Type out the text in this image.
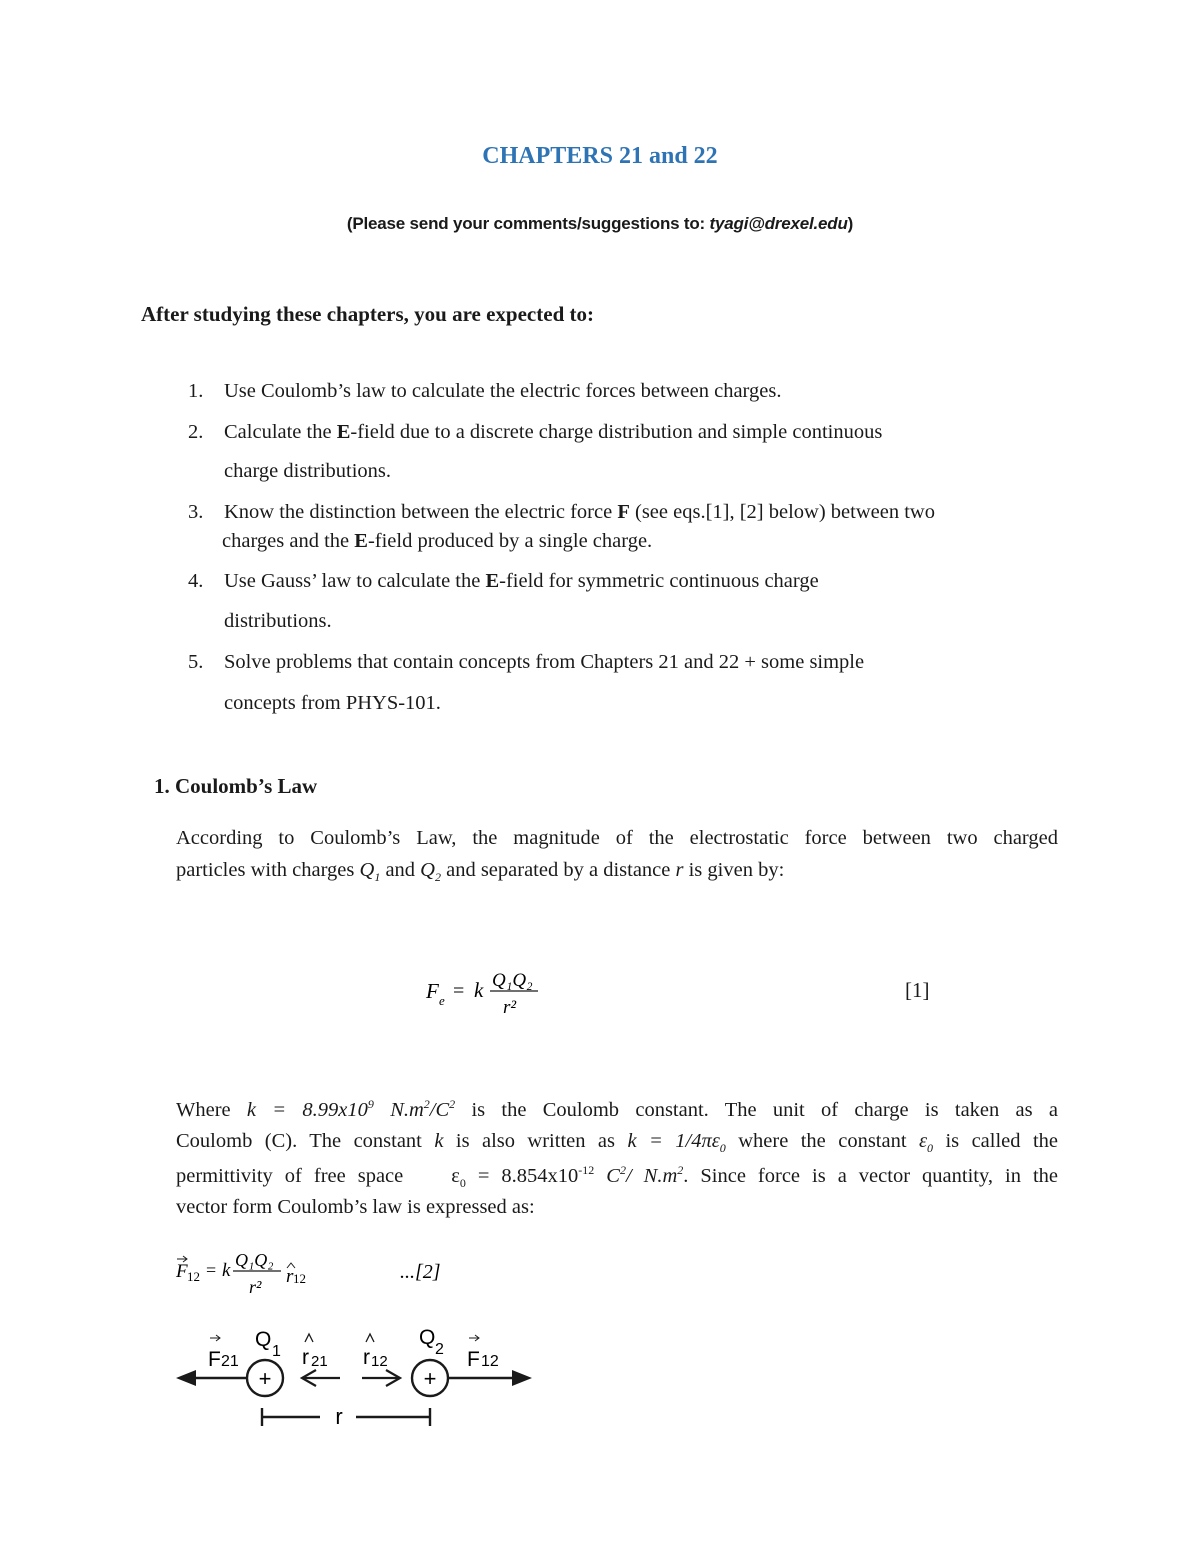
CHAPTERS 21 and 22
(Please send your comments/suggestions to: tyagi@drexel.edu)
After studying these chapters, you are expected to:
1. Use Coulomb’s law to calculate the electric forces between charges.
2. Calculate the E-field due to a discrete charge distribution and simple continuous
charge distributions.
3. Know the distinction between the electric force F (see eqs.[1], [2] below) between two
charges and the E-field produced by a single charge.
4. Use Gauss’ law to calculate the E-field for symmetric continuous charge
distributions.
5. Solve problems that contain concepts from Chapters 21 and 22 + some simple
concepts from PHYS-101.
1. Coulomb’s Law
According to Coulomb’s Law, the magnitude of the electrostatic force between two charged
particles with charges $Q_1$ and $Q_2$ and separated by a distance r is given by:
F e = k Q₁Q₂
r²
[1]
Where $k = 8.99x10^9$ $N.m^2/C^2$ is the Coulomb constant. The unit of charge is taken as a
Coulomb (C). The constant k is also written as $k = 1/4\pi\varepsilon_0$ where the constant $\varepsilon_0$ is called the
permittivity of free space    $\varepsilon_0 = 8.854x10^{-12}$ $C^2/$ $N.m^2$. Since force is a vector quantity, in the
vector form Coulomb’s law is expressed as:
F 12 = k Q₁Q₂
r² r 12	...[2]
+	+
F 21
Q
1 r 21 r 12
Q
2 F 12
r
